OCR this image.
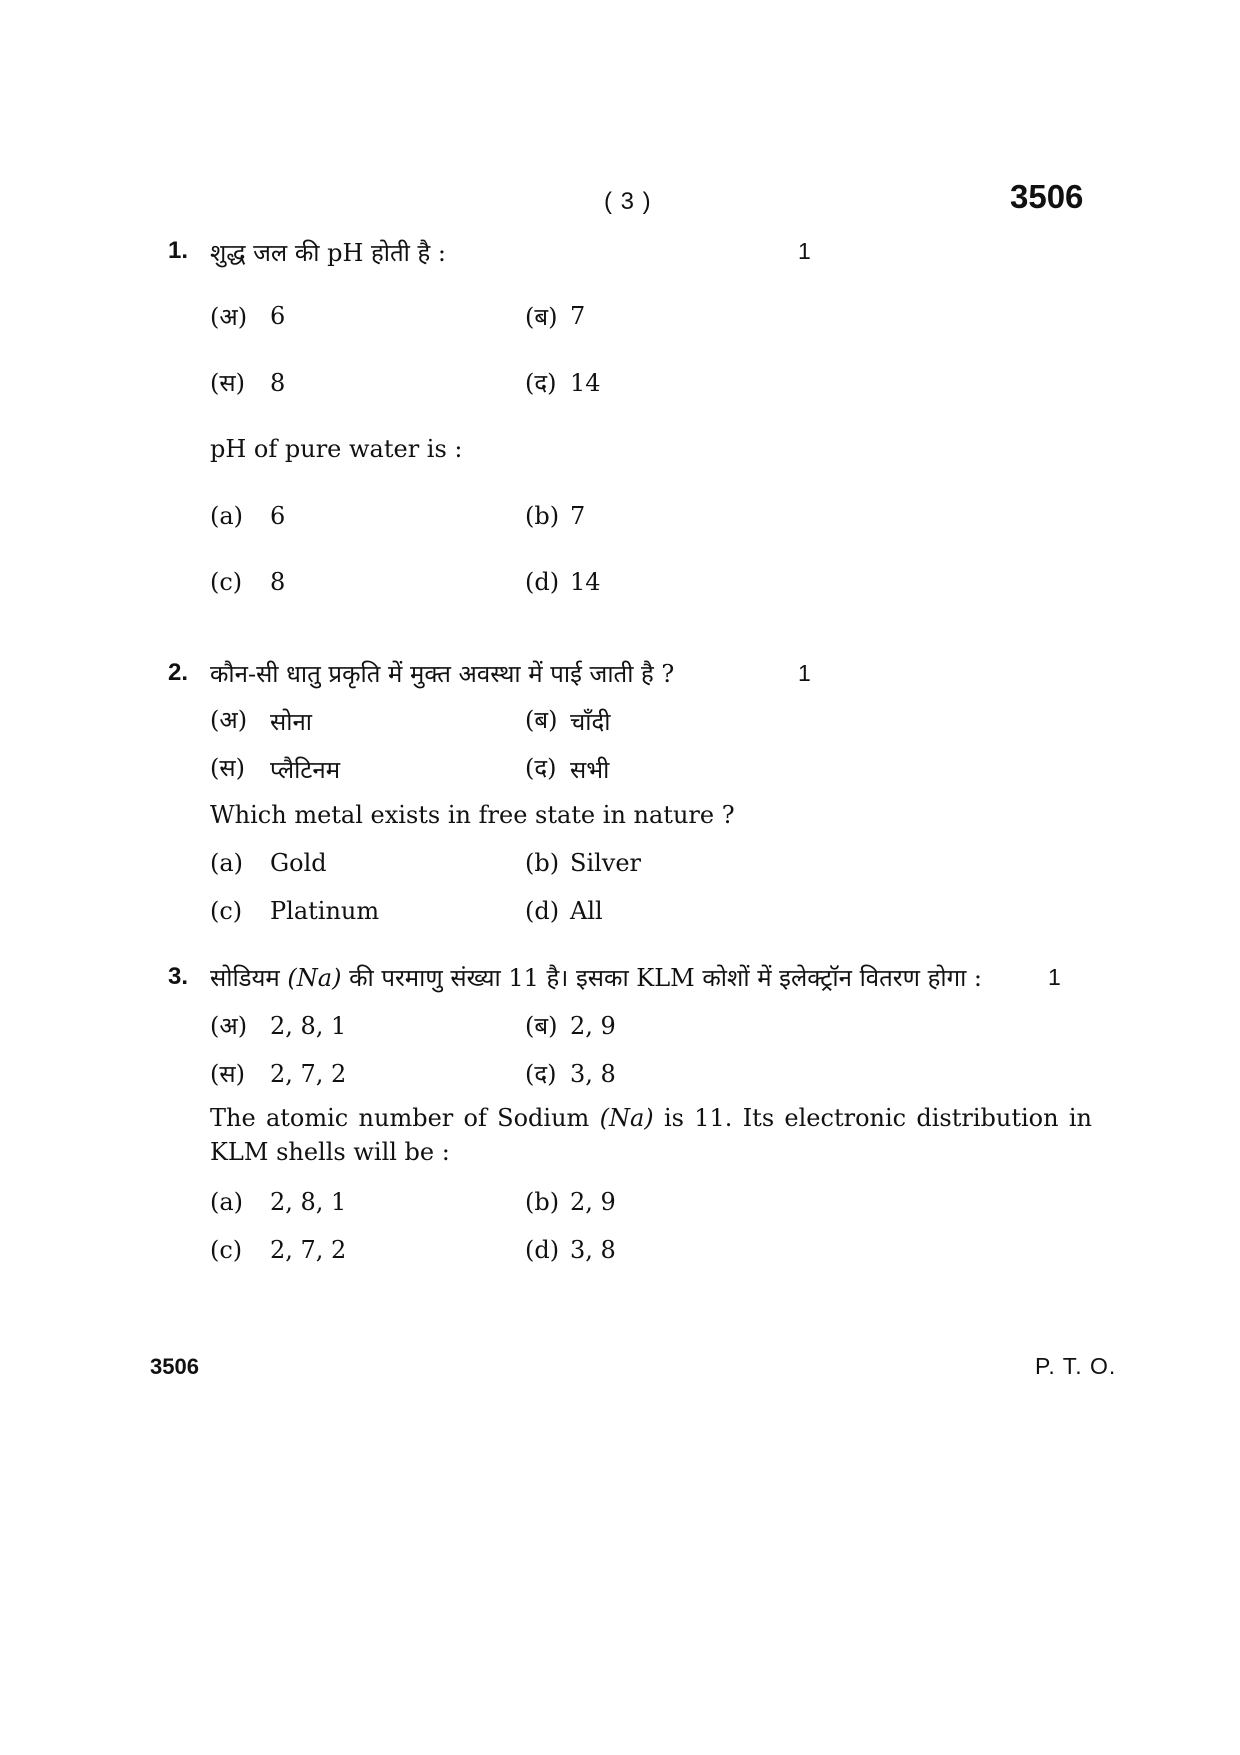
( 3 )	3506
1. शुद्ध जल की pH होती है :	1
(अ) 6	(ब) 7
(स) 8	(द) 14
pH of pure water is :
(a) 6	(b) 7
(c) 8	(d) 14
2. कौन-सी धातु प्रकृति में मुक्त अवस्था में पाई जाती है ?	1
(अ) सोना	(ब) चाँदी
(स) प्लैटिनम	(द) सभी
Which metal exists in free state in nature ?
(a) Gold	(b) Silver
(c) Platinum	(d) All
3. सोडियम (Na) की परमाणु संख्या 11 है। इसका KLM कोशों में इलेक्ट्रॉन वितरण होगा :	1
(अ) 2, 8, 1	(ब) 2, 9
(स) 2, 7, 2	(द) 3, 8
The atomic number of Sodium (Na) is 11. Its electronic distribution in KLM shells will be :
(a) 2, 8, 1	(b) 2, 9
(c) 2, 7, 2	(d) 3, 8
3506	P. T. O.
